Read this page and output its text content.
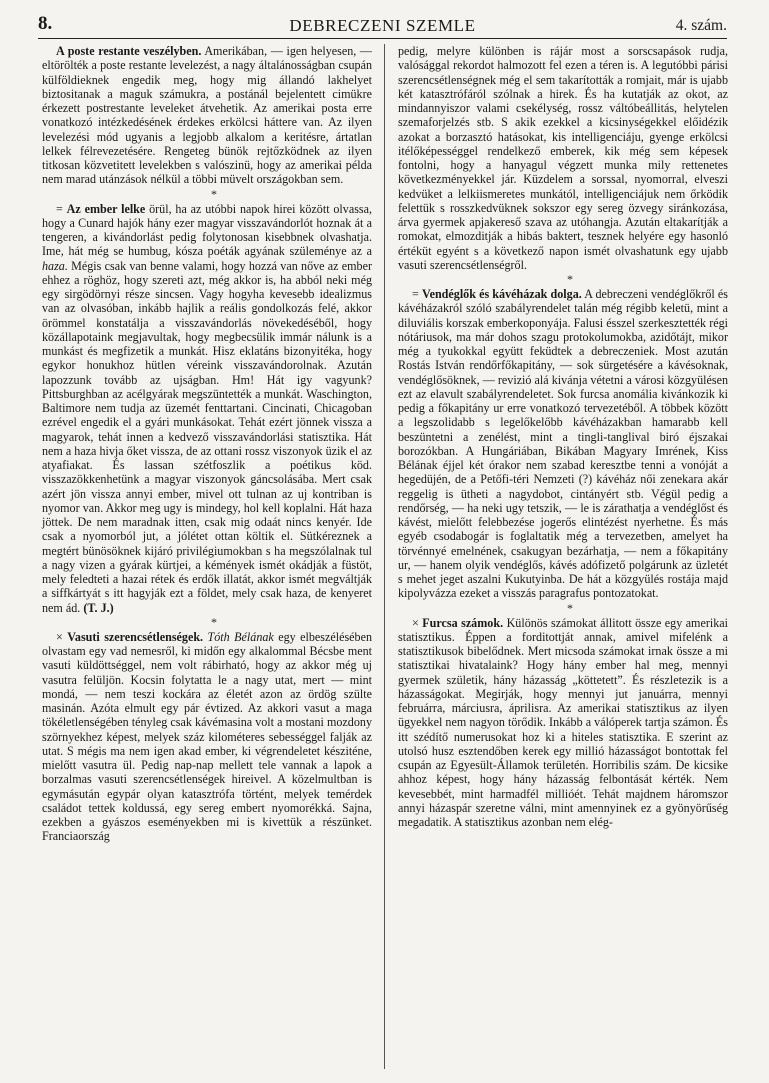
8.	DEBRECZENI SZEMLE	4. szám.

A poste restante veszélyben. Amerikában, — igen helyesen, — eltörölték a poste restante levelezést, a nagy általánosságban csupán külföldieknek engedik meg, hogy mig állandó lakhelyet biztositanak a maguk számukra, a postánál bejelentett cimükre érkezett postrestante leveleket átvehetik. Az amerikai posta erre vonatkozó intézkedésének érdekes erkölcsi háttere van. Az ilyen levelezési mód ugyanis a legjobb alkalom a keritésre, ártatlan lelkek félrevezetésére. Rengeteg bünök rejtőzködnek az ilyen titkosan közvetitett levelekben s valószinü, hogy az amerikai példa nem marad utánzások nélkül a többi müvelt országokban sem.

*

= Az ember lelke örül, ha az utóbbi napok hirei között olvassa, hogy a Cunard hajók hány ezer magyar visszavándorlót hoznak át a tengeren, a kivándorlást pedig folytonosan kisebbnek olvashatja. Ime, hát még se humbug, kósza poéták agyának szüleménye az a haza. Mégis csak van benne valami, hogy hozzá van nőve az ember ehhez a röghöz, hogy szereti azt, még akkor is, ha abból neki még egy sirgödörnyi része sincsen. Vagy hogyha kevesebb idealizmus van az olvasóban, inkább hajlik a reális gondolkozás felé, akkor örömmel konstatálja a visszavándorlás növekedéséből, hogy közállapotaink megjavultak, hogy megbecsülik immár nálunk is a munkást és megfizetik a munkát. Hisz eklatáns bizonyitéka, hogy egykor honukhoz hütlen véreink visszavándorolnak. Azután lapozzunk tovább az ujságban. Hm! Hát igy vagyunk? Pittsburghban az acélgyárak megszüntették a munkát. Waschington, Baltimore nem tudja az üzemét fenttartani. Cincinati, Chicagoban ezrével engedik el a gyári munkásokat. Tehát ezért jönnek vissza a magyarok, tehát innen a kedvező visszavándorlási statisztika. Hát nem a haza hivja őket vissza, de az ottani rossz viszonyok üzik el az atyafiakat. És lassan szétfoszlik a poétikus köd. visszazökkenhetünk a magyar viszonyok gáncsolásába. Mert csak azért jön vissza annyi ember, mivel ott tulnan az uj kontriban is nyomor van. Akkor meg ugy is mindegy, hol kell koplalni. Hát haza jöttek. De nem maradnak itten, csak mig odaát nincs kenyér. Ide csak a nyomorból jut, a jólétet ottan költik el. Sütkéreznek a megtért bünösöknek kijáró privilégiumokban s ha megszólalnak tul a nagy vizen a gyárak kürtjei, a kémények ismét okádják a füstöt, mely feledteti a hazai rétek és erdők illatát, akkor ismét megváltják a siffkártyát s itt hagyják ezt a földet, mely csak haza, de kenyeret nem ád. (T. J.)

*

× Vasuti szerencsétlenségek. Tóth Bélának egy elbeszélésében olvastam egy vad nemesről, ki midőn egy alkalommal Bécsbe ment vasuti küldöttséggel, nem volt rábirható, hogy az akkor még uj vasutra felüljön. Kocsin folytatta le a nagy utat, mert — mint mondá, — nem teszi kockára az életét azon az ördög szülte masinán. Azóta elmult egy pár évtized. Az akkori vasut a maga tökéletlenségében tényleg csak kávémasina volt a mostani mozdony szörnyekhez képest, melyek száz kilométeres sebességgel falják az utat. S mégis ma nem igen akad ember, ki végrendeletet késziténe, mielőtt vasutra ül. Pedig nap-nap mellett tele vannak a lapok a borzalmas vasuti szerencsétlenségek hireivel. A közelmultban is egymásután egypár olyan katasztrófa történt, melyek temérdek családot tettek koldussá, egy sereg embert nyomorékká. Sajna, ezekben a gyászos eseményekben mi is kivettük a részünket. Franciaország

pedig, melyre különben is rájár most a sorscsapások rudja, valósággal rekordot halmozott fel ezen a téren is. A legutóbbi párisi szerencsétlenségnek még el sem takarították a romjait, már is ujabb két katasztrófáról szólnak a hirek. És ha kutatják az okot, az mindannyiszor valami csekélység, rossz váltóbeállitás, helytelen szemaforjelzés stb. S akik ezekkel a kicsinységekkel előidézik azokat a borzasztó hatásokat, kis intelligenciáju, gyenge erkölcsi itélőképességgel rendelkező emberek, kik még sem képesek fontolni, hogy a hanyagul végzett munka mily rettenetes következményekkel jár. Küzdelem a sorssal, nyomorral, elveszi kedvüket a lelkiismeretes munkától, intelligenciájuk nem őrködik felettük s rosszkedvüknek sokszor egy sereg özvegy siránkozása, árva gyermek apjakereső szava az utóhangja. Azután eltakarítják a romokat, elmozditják a hibás baktert, tesznek helyére egy hasonló értéküt egyént s a következő napon ismét olvashatunk egy ujabb vasuti szerencsétlenségről.

*

= Vendéglők és kávéházak dolga. A debreczeni vendéglőkről és kávéházakról szóló szabályrendelet talán még régibb keletü, mint a diluviális korszak emberkoponyája. Falusi ésszel szerkesztették régi nótáriusok, ma már dohos szagu protokolumokba, azidőtájt, mikor még a tyukokkal együtt feküdtek a debreczeniek. Most azután Rostás István rendőrfőkapitány, — sok sürgetésére a kávésoknak, vendéglősöknek, — revizió alá kivánja vétetni a városi közgyülésen ezt az elavult szabályrendeletet. Sok furcsa anomália kivánkozik ki pedig a főkapitány ur erre vonatkozó tervezetéből. A többek között a legszolidabb s legelőkelőbb kávéházakban hamarabb kell beszüntetni a zenélést, mint a tingli-tanglival biró éjszakai borozókban. A Hungáriában, Bikában Magyary Imrének, Kiss Bélának éjjel két órakor nem szabad keresztbe tenni a vonóját a hegedüjén, de a Petőfi-téri Nemzeti (?) kávéház női zenekara akár reggelig is ütheti a nagydobot, cintányért stb. Végül pedig a rendőrség, — ha neki ugy tetszik, — le is zárathatja a vendéglőst és kávést, mielőtt felebbezése jogerős elintézést nyerhetne. És más egyéb csodabogár is foglaltatik még a tervezetben, amelyet ha törvénnyé emelnének, csakugyan bezárhatja, — nem a főkapitány ur, — hanem olyik vendéglős, kávés adófizető polgárunk az üzletét s mehet jeget aszalni Kukutyinba. De hát a közgyülés rostája majd kipolyvázza ezeket a visszás paragrafus pontozatokat.

*

× Furcsa számok. Különös számokat állitott össze egy amerikai statisztikus. Éppen a forditottját annak, amivel mifelénk a statisztikusok bibelődnek. Mert micsoda számokat irnak össze a mi statisztikai hivatalaink? Hogy hány ember hal meg, mennyi gyermek születik, hány házasság „köttetett”. És részletezik is a házasságokat. Megirják, hogy mennyi jut januárra, mennyi februárra, márciusra, áprilisra. Az amerikai statisztikus az ilyen ügyekkel nem nagyon törődik. Inkább a válóperek tartja számon. És itt szédítő numerusokat hoz ki a hiteles statisztika. E szerint az utolsó husz esztendőben kerek egy millió házasságot bontottak fel csupán az Egyesült-Államok területén. Horribilis szám. De kicsike ahhoz képest, hogy hány házasság felbontását kérték. Nem kevesebbét, mint harmadfél millióét. Tehát majdnem háromszor annyi házaspár szeretne válni, mint amennyinek ez a gyönyörűség megadatik. A statisztikus azonban nem elég-
